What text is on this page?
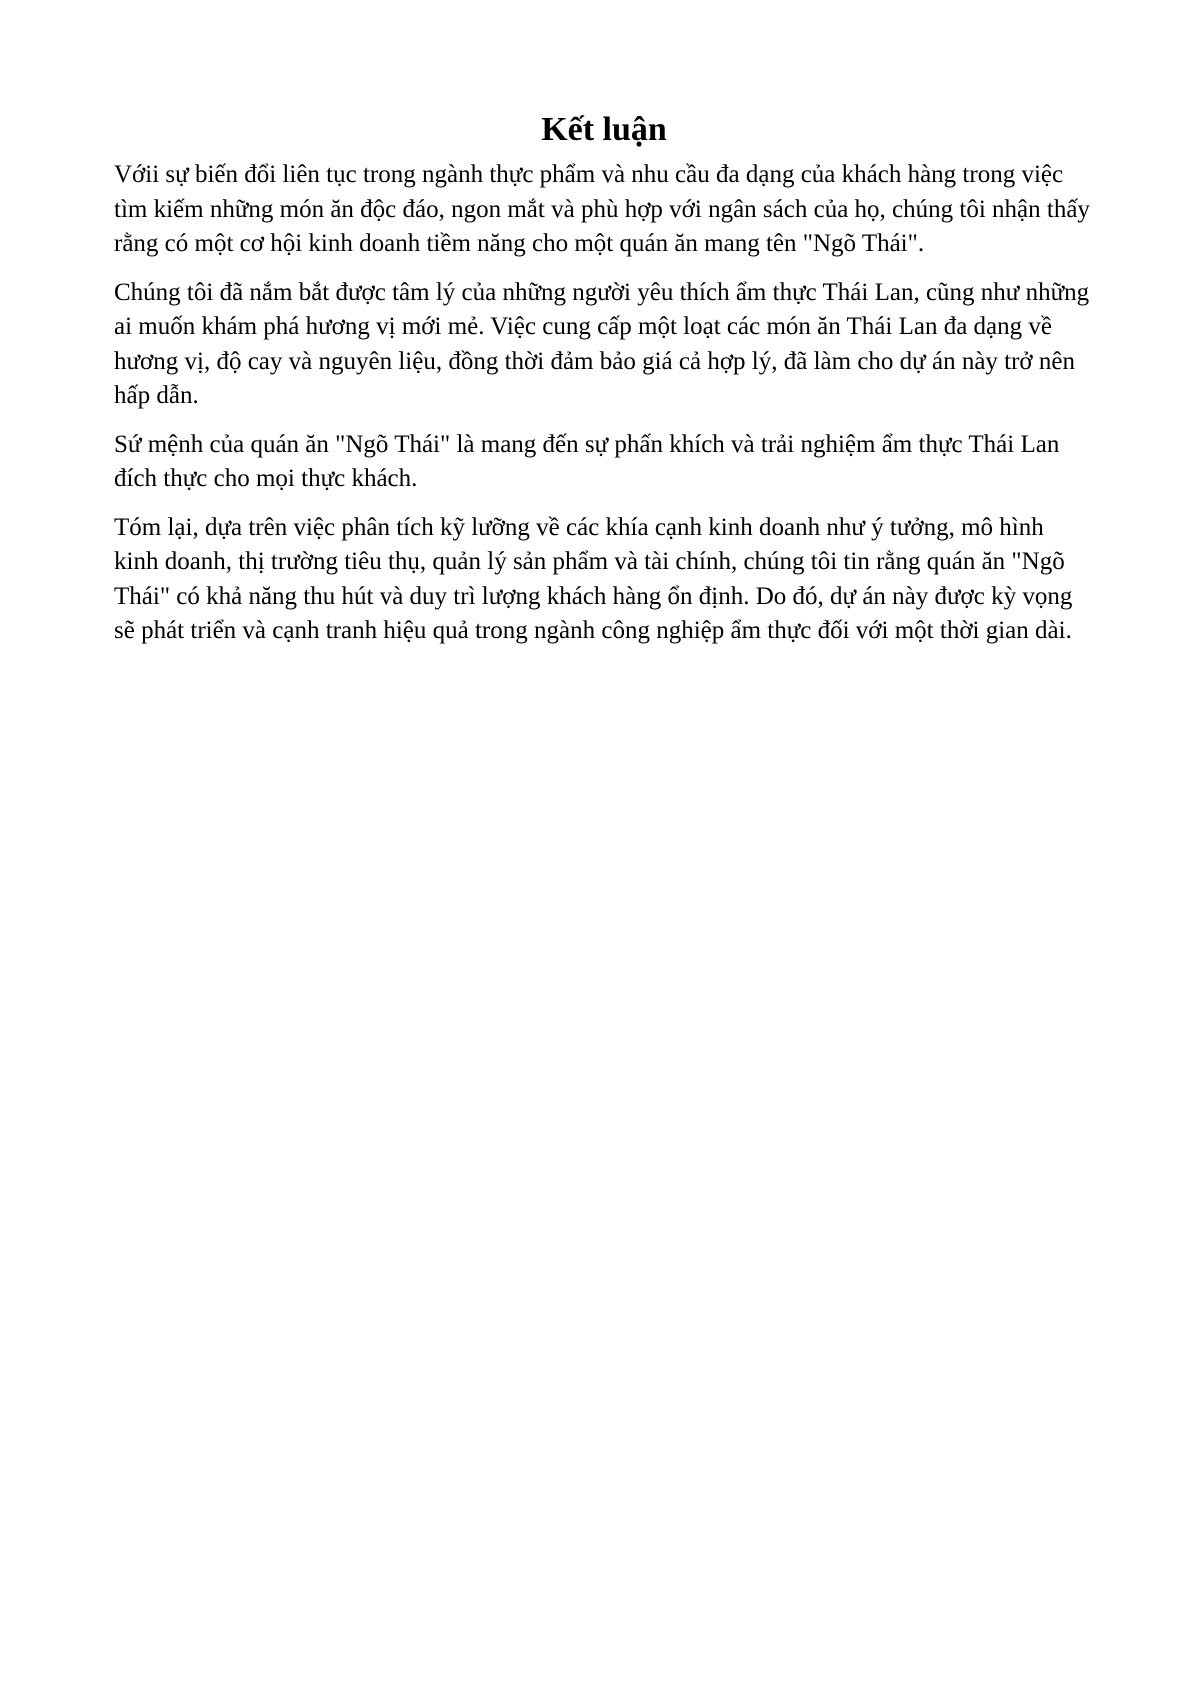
Kết luận

Vớii sự biến đổi liên tục trong ngành thực phẩm và nhu cầu đa dạng của khách hàng trong việc tìm kiếm những món ăn độc đáo, ngon mắt và phù hợp với ngân sách của họ, chúng tôi nhận thấy rằng có một cơ hội kinh doanh tiềm năng cho một quán ăn mang tên "Ngõ Thái".

Chúng tôi đã nắm bắt được tâm lý của những người yêu thích ẩm thực Thái Lan, cũng như những ai muốn khám phá hương vị mới mẻ. Việc cung cấp một loạt các món ăn Thái Lan đa dạng về hương vị, độ cay và nguyên liệu, đồng thời đảm bảo giá cả hợp lý, đã làm cho dự án này trở nên hấp dẫn.

Sứ mệnh của quán ăn "Ngõ Thái" là mang đến sự phấn khích và trải nghiệm ẩm thực Thái Lan đích thực cho mọi thực khách.

Tóm lại, dựa trên việc phân tích kỹ lưỡng về các khía cạnh kinh doanh như ý tưởng, mô hình kinh doanh, thị trường tiêu thụ, quản lý sản phẩm và tài chính, chúng tôi tin rằng quán ăn "Ngõ Thái" có khả năng thu hút và duy trì lượng khách hàng ổn định. Do đó, dự án này được kỳ vọng sẽ phát triển và cạnh tranh hiệu quả trong ngành công nghiệp ẩm thực đối với một thời gian dài.
